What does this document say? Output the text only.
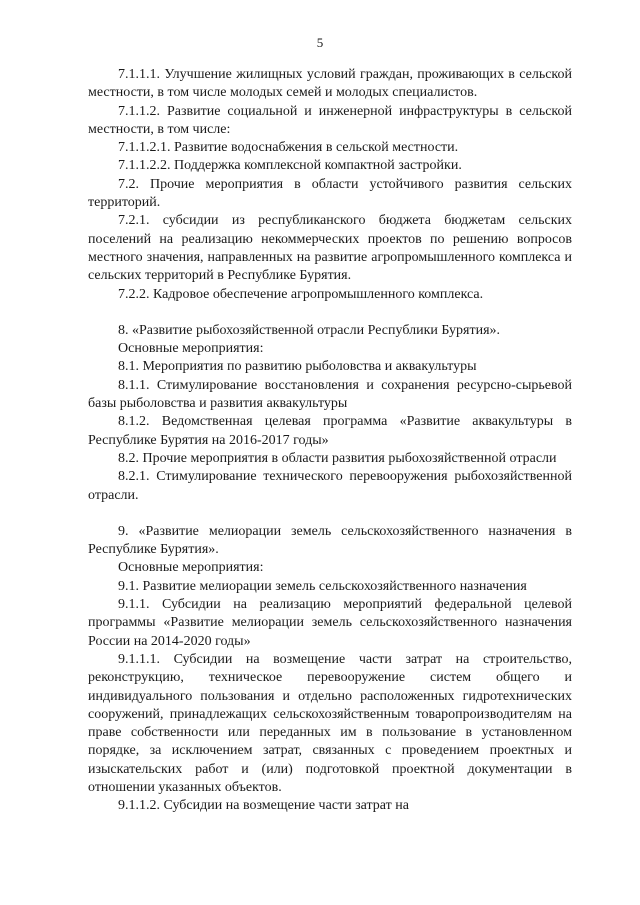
5

7.1.1.1. Улучшение жилищных условий граждан, проживающих в сельской местности, в том числе молодых семей и молодых специалистов.

7.1.1.2. Развитие социальной и инженерной инфраструктуры в сельской местности, в том числе:

7.1.1.2.1. Развитие водоснабжения в сельской местности.

7.1.1.2.2. Поддержка комплексной компактной застройки.

7.2. Прочие мероприятия в области устойчивого развития сельских территорий.

7.2.1. субсидии из республиканского бюджета бюджетам сельских поселений на реализацию некоммерческих проектов по решению вопросов местного значения, направленных на развитие агропромышленного комплекса и сельских территорий в Республике Бурятия.

7.2.2. Кадровое обеспечение агропромышленного комплекса.

8. «Развитие рыбохозяйственной отрасли Республики Бурятия».

Основные мероприятия:

8.1. Мероприятия по развитию рыболовства и аквакультуры

8.1.1. Стимулирование восстановления и сохранения ресурсно-сырьевой базы рыболовства и развития аквакультуры

8.1.2. Ведомственная целевая программа «Развитие аквакультуры в Республике Бурятия на 2016-2017 годы»

8.2. Прочие мероприятия в области развития рыбохозяйственной отрасли

8.2.1. Стимулирование технического перевооружения рыбохозяйственной отрасли.

9. «Развитие мелиорации земель сельскохозяйственного назначения в Республике Бурятия».

Основные мероприятия:

9.1. Развитие мелиорации земель сельскохозяйственного назначения

9.1.1. Субсидии на реализацию мероприятий федеральной целевой программы «Развитие мелиорации земель сельскохозяйственного назначения России на 2014-2020 годы»

9.1.1.1. Субсидии на возмещение части затрат на строительство, реконструкцию, техническое перевооружение систем общего и индивидуального пользования и отдельно расположенных гидротехнических сооружений, принадлежащих сельскохозяйственным товаропроизводителям на праве собственности или переданных им в пользование в установленном порядке, за исключением затрат, связанных с проведением проектных и изыскательских работ и (или) подготовкой проектной документации в отношении указанных объектов.

9.1.1.2. Субсидии на возмещение части затрат на
